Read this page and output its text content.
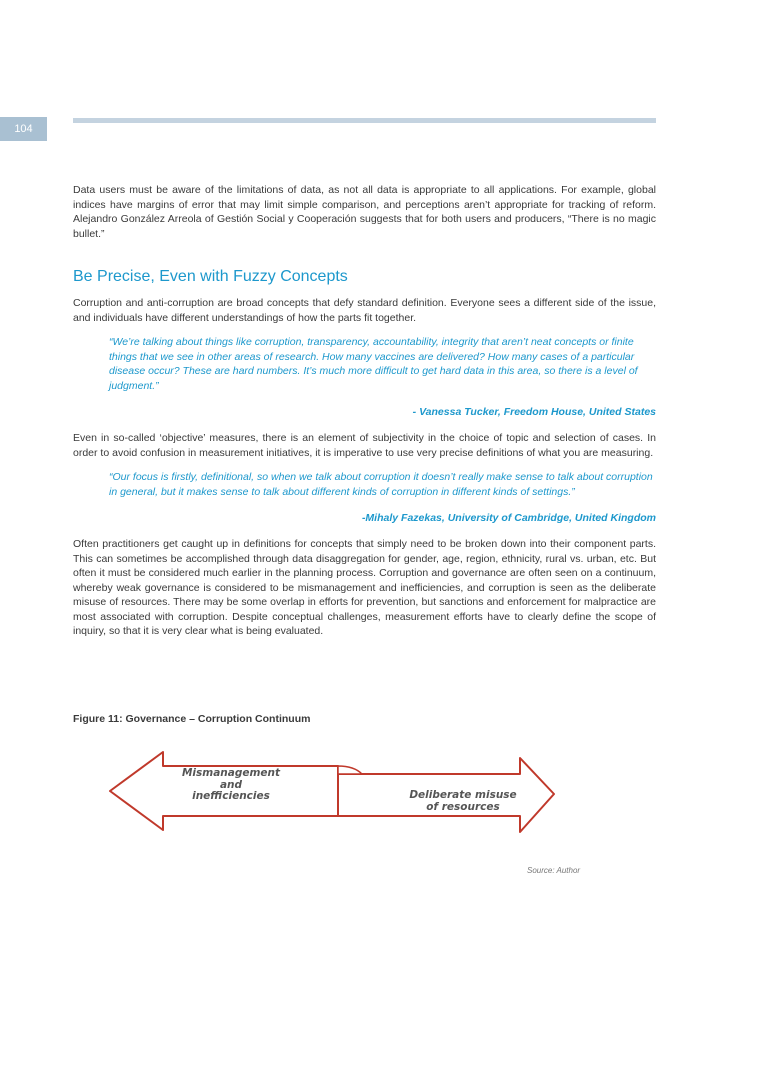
104

Data users must be aware of the limitations of data, as not all data is appropriate to all applications. For example, global indices have margins of error that may limit simple comparison, and perceptions aren’t appropriate for tracking of reform. Alejandro González Arreola of Gestión Social y Cooperación suggests that for both users and producers, “There is no magic bullet.”

Be Precise, Even with Fuzzy Concepts

Corruption and anti-corruption are broad concepts that defy standard definition. Everyone sees a different side of the issue, and individuals have different understandings of how the parts fit together.

“We’re talking about things like corruption, transparency, accountability, integrity that aren’t neat concepts or finite things that we see in other areas of research. How many vaccines are delivered? How many cases of a particular disease occur? These are hard numbers. It’s much more difficult to get hard data in this area, so there is a level of judgment.”
- Vanessa Tucker, Freedom House, United States

Even in so-called ‘objective’ measures, there is an element of subjectivity in the choice of topic and selection of cases. In order to avoid confusion in measurement initiatives, it is imperative to use very precise definitions of what you are measuring.

“Our focus is firstly, definitional, so when we talk about corruption it doesn’t really make sense to talk about corruption in general, but it makes sense to talk about different kinds of corruption in different kinds of settings.”
-Mihaly Fazekas, University of Cambridge, United Kingdom

Often practitioners get caught up in definitions for concepts that simply need to be broken down into their component parts. This can sometimes be accomplished through data disaggregation for gender, age, region, ethnicity, rural vs. urban, etc. But often it must be considered much earlier in the planning process. Corruption and governance are often seen on a continuum, whereby weak governance is considered to be mismanagement and inefficiencies, and corruption is seen as the deliberate misuse of resources. There may be some overlap in efforts for prevention, but sanctions and enforcement for malpractice are most associated with corruption. Despite conceptual challenges, measurement efforts have to clearly define the scope of inquiry, so that it is very clear what is being evaluated.

Figure 11: Governance – Corruption Continuum
Mismanagement
and
inefficiencies	Deliberate misuse
of resources
Source: Author
